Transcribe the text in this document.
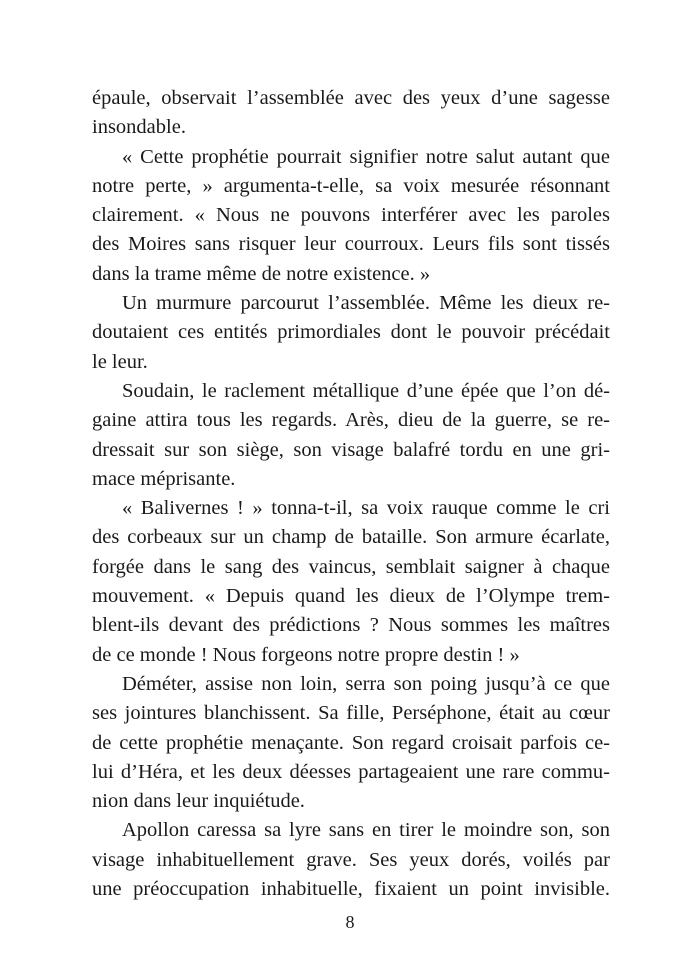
épaule, observait l’assemblée avec des yeux d’une sagesse
insondable.
« Cette prophétie pourrait signifier notre salut autant que
notre perte, » argumenta-t-elle, sa voix mesurée résonnant
clairement. « Nous ne pouvons interférer avec les paroles
des Moires sans risquer leur courroux. Leurs fils sont tissés
dans la trame même de notre existence. »
Un murmure parcourut l’assemblée. Même les dieux re-
doutaient ces entités primordiales dont le pouvoir précédait
le leur.
Soudain, le raclement métallique d’une épée que l’on dé-
gaine attira tous les regards. Arès, dieu de la guerre, se re-
dressait sur son siège, son visage balafré tordu en une gri-
mace méprisante.
« Balivernes ! » tonna-t-il, sa voix rauque comme le cri
des corbeaux sur un champ de bataille. Son armure écarlate,
forgée dans le sang des vaincus, semblait saigner à chaque
mouvement. « Depuis quand les dieux de l’Olympe trem-
blent-ils devant des prédictions ? Nous sommes les maîtres
de ce monde ! Nous forgeons notre propre destin ! »
Déméter, assise non loin, serra son poing jusqu’à ce que
ses jointures blanchissent. Sa fille, Perséphone, était au cœur
de cette prophétie menaçante. Son regard croisait parfois ce-
lui d’Héra, et les deux déesses partageaient une rare commu-
nion dans leur inquiétude.
Apollon caressa sa lyre sans en tirer le moindre son, son
visage inhabituellement grave. Ses yeux dorés, voilés par
une préoccupation inhabituelle, fixaient un point invisible.
8
